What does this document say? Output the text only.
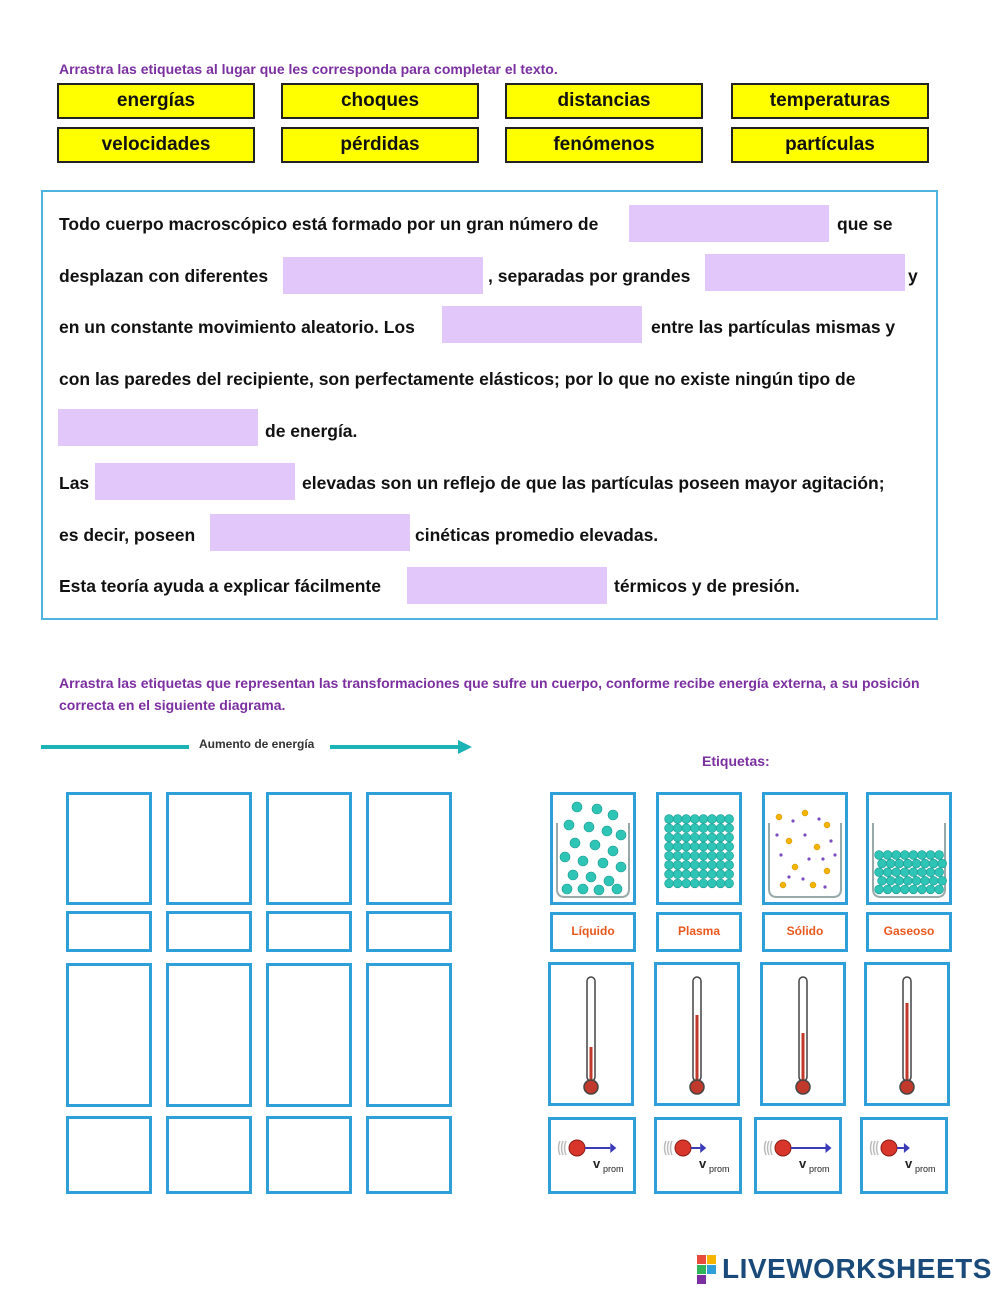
Arrastra las etiquetas al lugar que les corresponda para completar el texto.
energías	choques	distancias	temperaturas
velocidades	pérdidas	fenómenos	partículas
Todo cuerpo macroscópico está formado por un gran número de	que se
desplazan con diferentes	, separadas por grandes	y
en un constante movimiento aleatorio. Los	entre las partículas mismas y
con las paredes del recipiente, son perfectamente elásticos; por lo que no existe ningún tipo de
de energía.
Las	elevadas son un reflejo de que las partículas poseen mayor agitación;
es decir, poseen	cinéticas promedio elevadas.
Esta teoría ayuda a explicar fácilmente	térmicos y de presión.
Arrastra las etiquetas que representan las transformaciones que sufre un cuerpo, conforme recibe energía externa, a su posición correcta en el siguiente diagrama.
Aumento de energía
Etiquetas:
Líquido	Plasma	Sólido	Gaseoso
v prom	v prom	v prom	v prom
LIVEWORKSHEETS
